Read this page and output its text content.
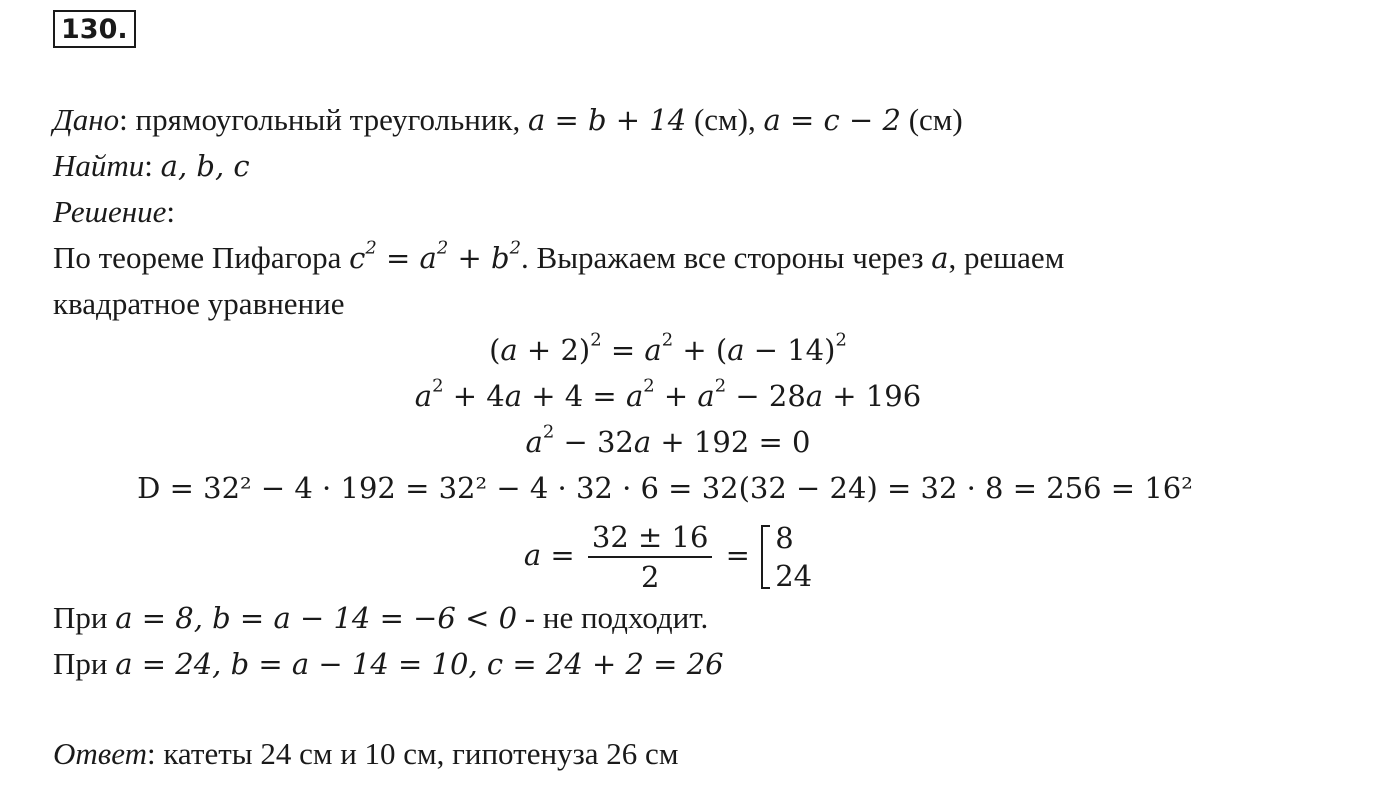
130.
Дано: прямоугольный треугольник, a = b + 14 (см), a = c − 2 (см)
Найти: a, b, c
Решение:
По теореме Пифагора $c^2 = a^2 + b^2$. Выражаем все стороны через a, решаем
квадратное уравнение
$(a + 2)^2 = a^2 + (a - 14)^2$
$a^2 + 4a + 4 = a^2 + a^2 - 28a + 196$
$a^2 - 32a + 192 = 0$
D = 32² − 4 · 192 = 32² − 4 · 32 · 6 = 32(32 − 24) = 32 · 8 = 256 = 16²
$a = \frac{32 \pm 16}{2} = 8$
24
При a = 8, b = a − 14 = −6 < 0 - не подходит.
При a = 24, b = a − 14 = 10, c = 24 + 2 = 26
Ответ: катеты 24 см и 10 см, гипотенуза 26 см
